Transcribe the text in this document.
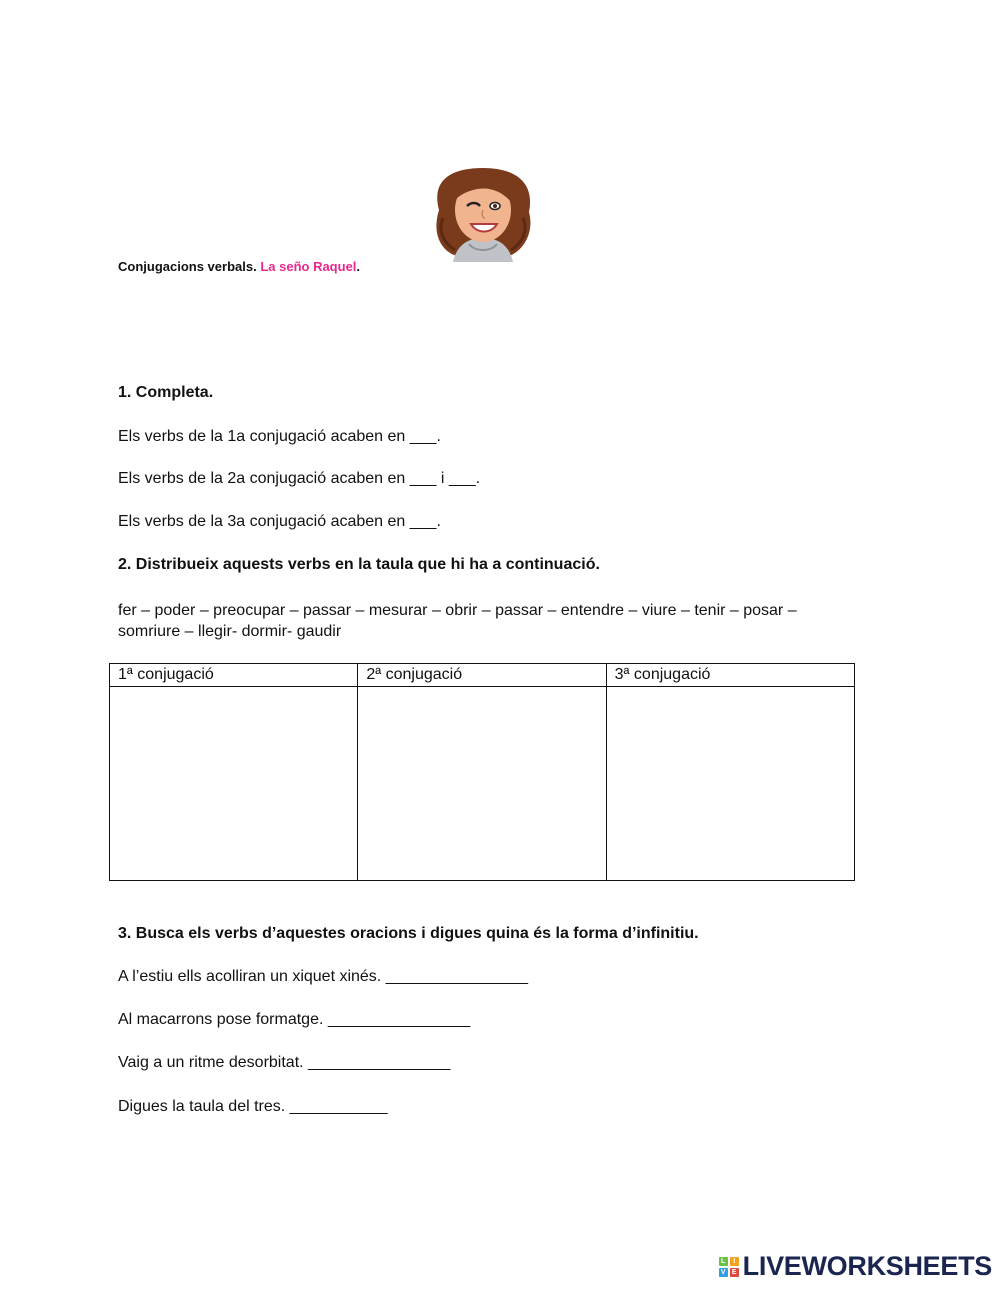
Conjugacions verbals. La seño Raquel.
1. Completa.
Els verbs de la 1a conjugació acaben en ___.
Els verbs de la 2a conjugació acaben en ___ i ___.
Els verbs de la 3a conjugació acaben en ___.
2. Distribueix aquests verbs en la taula que hi ha a continuació.
fer – poder – preocupar – passar – mesurar – obrir – passar – entendre – viure – tenir – posar – somriure – llegir- dormir- gaudir
1ª conjugació	2ª conjugació	3ª conjugació

3. Busca els verbs d’aquestes oracions i digues quina és la forma d’infinitiu.
A l’estiu ells acolliran un xiquet xinés. ________________
Al macarrons pose formatge. ________________
Vaig a un ritme desorbitat. ________________
Digues la taula del tres. ___________
L	I
V E LIVEWORKSHEETS
